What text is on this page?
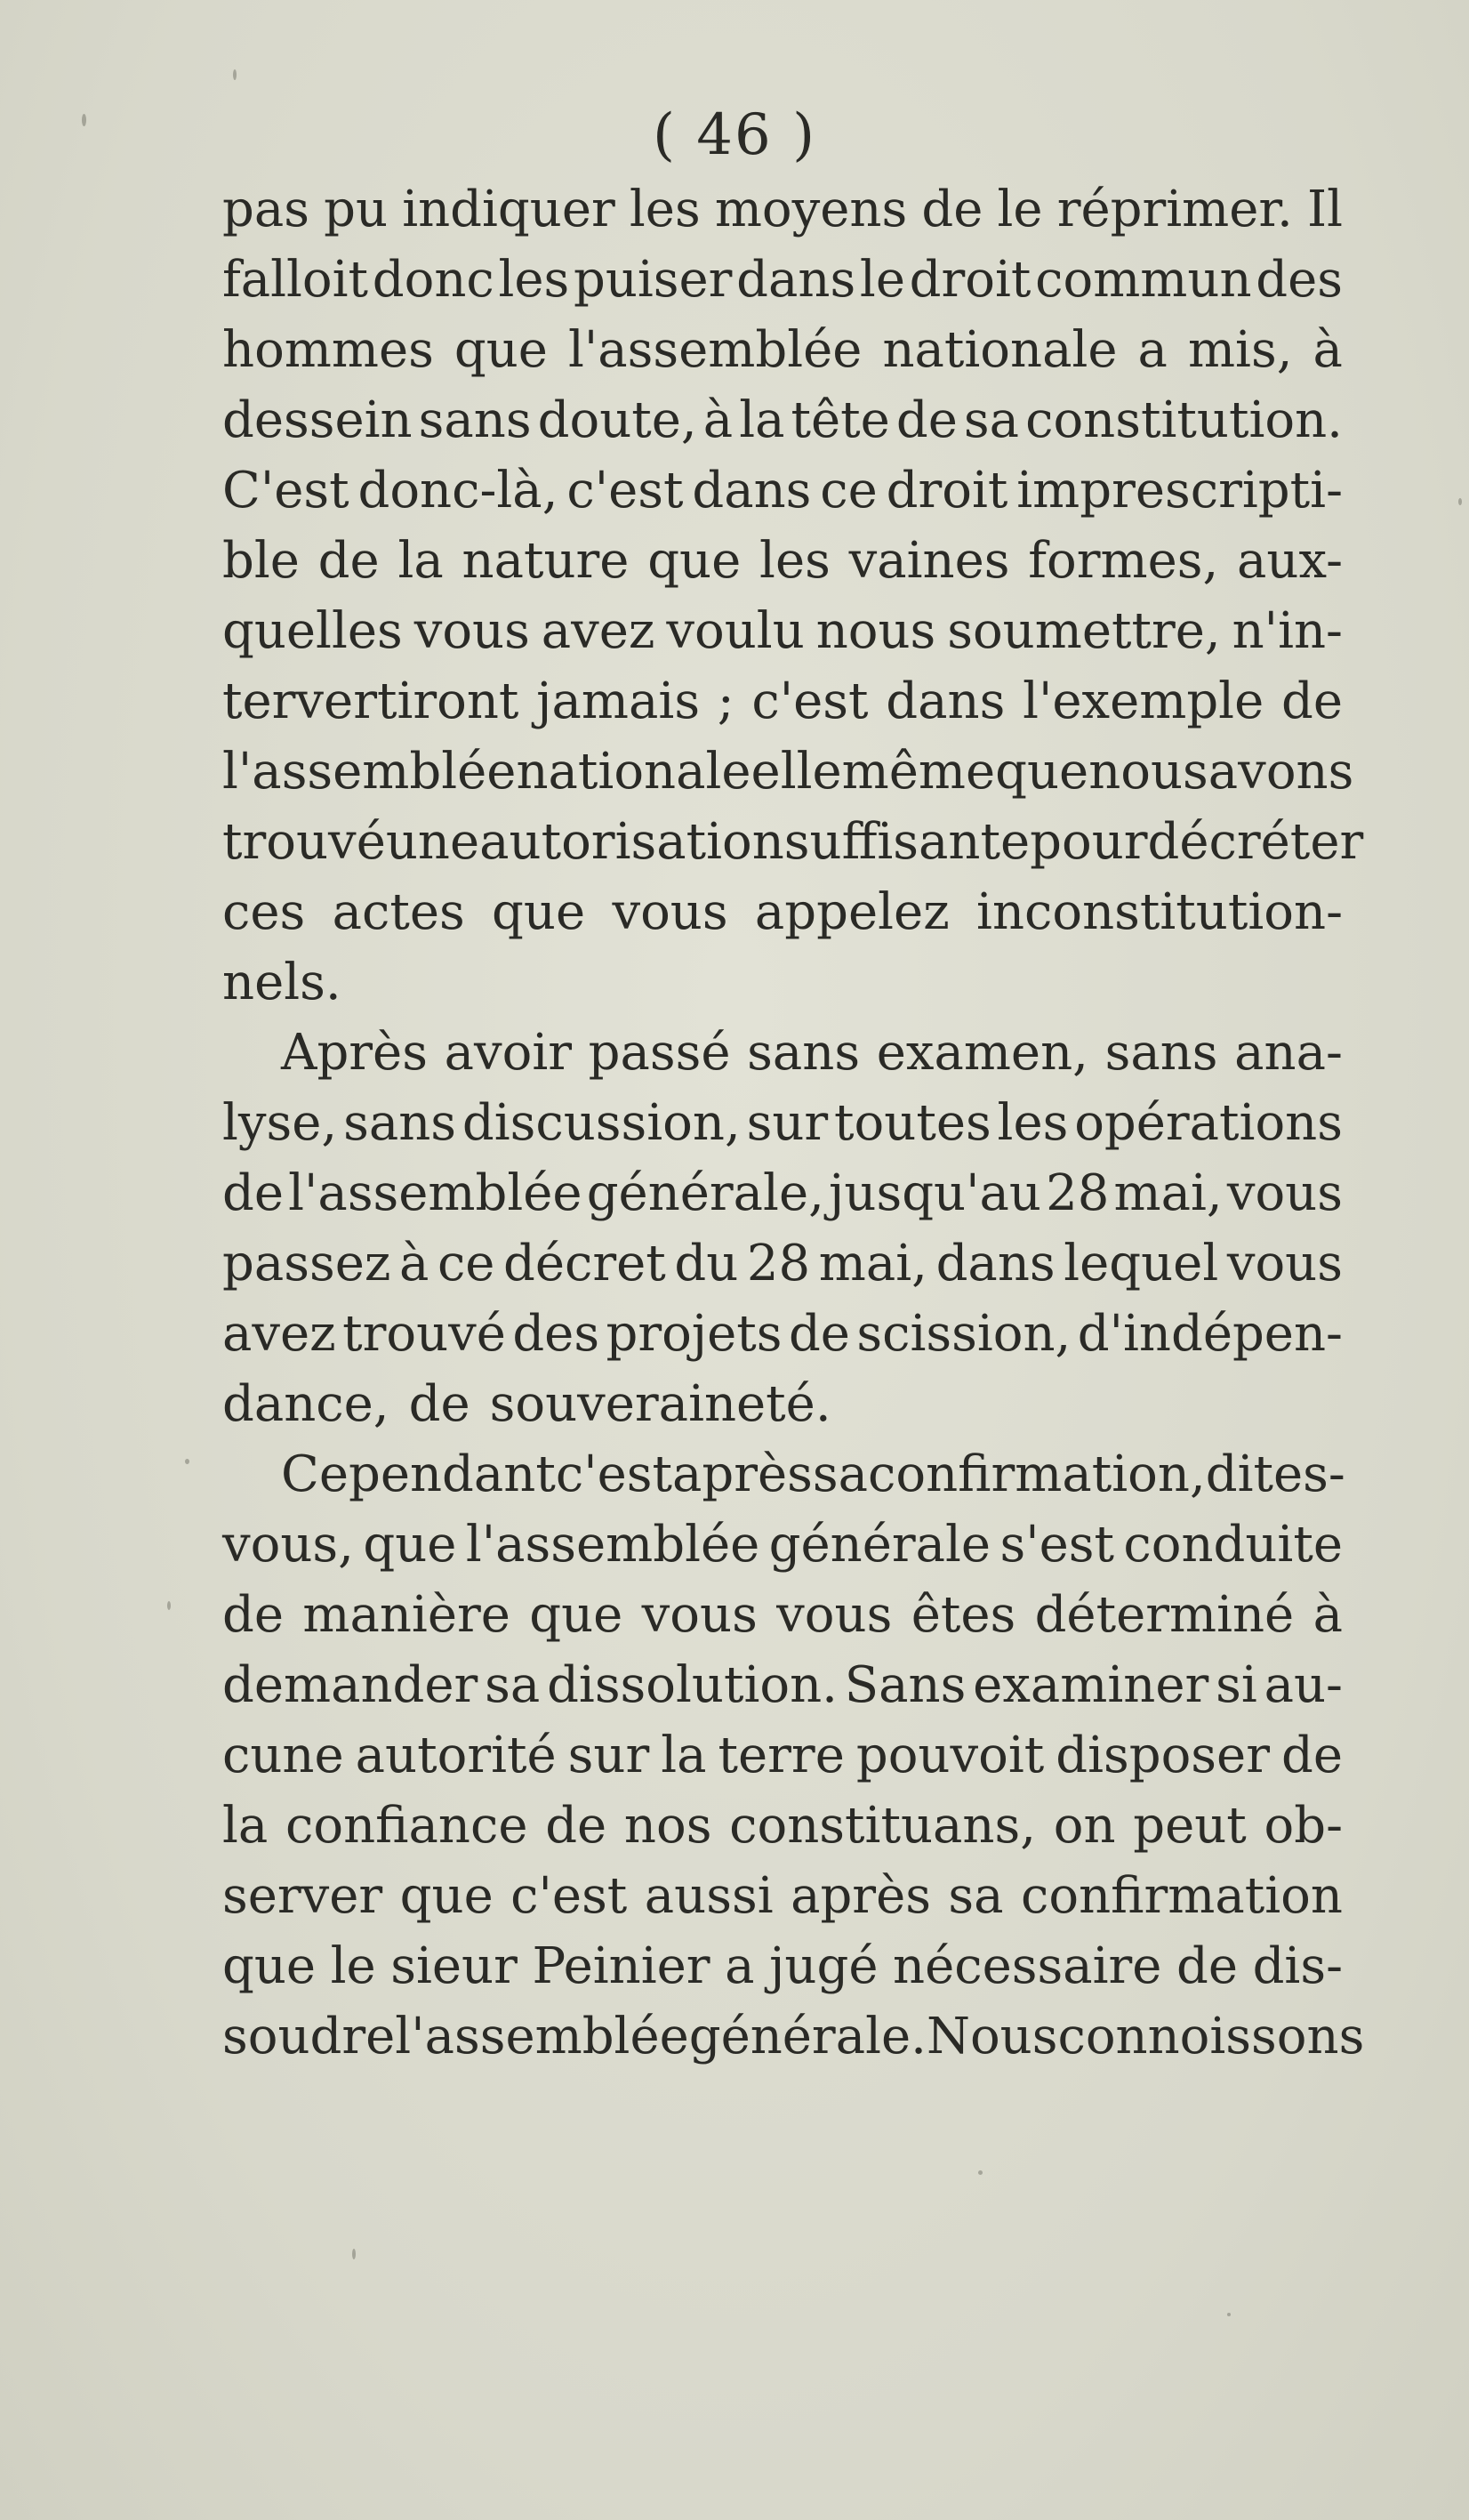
( 46 )
pas pu indiquer les moyens de le réprimer. Il
falloit donc les puiser dans le droit commun des
hommes que l'assemblée nationale a mis, à
dessein sans doute, à la tête de sa constitution.
C'est donc-là, c'est dans ce droit imprescripti-
ble de la nature que les vaines formes, aux-
quelles vous avez voulu nous soumettre, n'in-
tervertiront jamais ; c'est dans l'exemple de
l'assemblée nationale elle même que nous avons
trouvé une autorisation suffisante pour décréter
ces actes que vous appelez inconstitution-
nels.
Après avoir passé sans examen, sans ana-
lyse, sans discussion, sur toutes les opérations
de l'assemblée générale, jusqu'au 28 mai, vous
passez à ce décret du 28 mai, dans lequel vous
avez trouvé des projets de scission, d'indépen-
dance, de souveraineté.
Cependant c'est après sa confirmation, dites-
vous, que l'assemblée générale s'est conduite
de manière que vous vous êtes déterminé à
demander sa dissolution. Sans examiner si au-
cune autorité sur la terre pouvoit disposer de
la confiance de nos constituans, on peut ob-
server que c'est aussi après sa confirmation
que le sieur Peinier a jugé nécessaire de dis-
soudre l'assemblée générale. Nous connoissons
